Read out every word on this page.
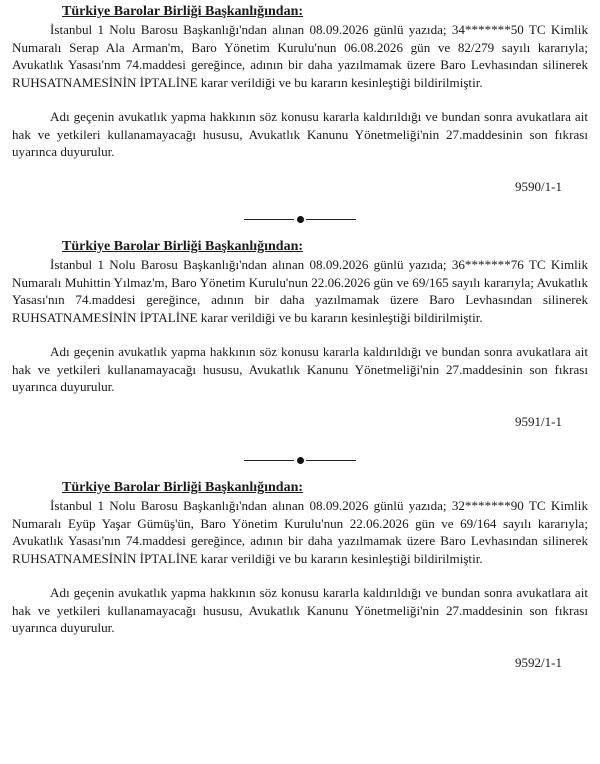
Türkiye Barolar Birliği Başkanlığından:

İstanbul 1 Nolu Barosu Başkanlığı'ndan alınan 08.09.2026 günlü yazıda; 34*******50 TC Kimlik Numaralı Serap Ala Arman'm, Baro Yönetim Kurulu'nun 06.08.2026 gün ve 82/279 sayılı kararıyla; Avukatlık Yasası'nm 74.maddesi gereğince, adının bir daha yazılmamak üzere Baro Levhasından silinerek RUHSATNAMESİNİN İPTALİNE karar verildiği ve bu kararın kesinleştiği bildirilmiştir.

Adı geçenin avukatlık yapma hakkının söz konusu kararla kaldırıldığı ve bundan sonra avukatlara ait hak ve yetkileri kullanamayacağı hususu, Avukatlık Kanunu Yönetmeliği'nin 27.maddesinin son fıkrası uyarınca duyurulur.

9590/1-1
Türkiye Barolar Birliği Başkanlığından:

İstanbul 1 Nolu Barosu Başkanlığı'ndan alınan 08.09.2026 günlü yazıda; 36*******76 TC Kimlik Numaralı Muhittin Yılmaz'm, Baro Yönetim Kurulu'nun 22.06.2026 gün ve 69/165 sayılı kararıyla; Avukatlık Yasası'nın 74.maddesi gereğince, adının bir daha yazılmamak üzere Baro Levhasından silinerek RUHSATNAMESİNİN İPTALİNE karar verildiği ve bu kararın kesinleştiği bildirilmiştir.

Adı geçenin avukatlık yapma hakkının söz konusu kararla kaldırıldığı ve bundan sonra avukatlara ait hak ve yetkileri kullanamayacağı hususu, Avukatlık Kanunu Yönetmeliği'nin 27.maddesinin son fıkrası uyarınca duyurulur.

9591/1-1
Türkiye Barolar Birliği Başkanlığından:

İstanbul 1 Nolu Barosu Başkanlığı'ndan alınan 08.09.2026 günlü yazıda; 32*******90 TC Kimlik Numaralı Eyüp Yaşar Gümüş'ün, Baro Yönetim Kurulu'nun 22.06.2026 gün ve 69/164 sayılı kararıyla; Avukatlık Yasası'nın 74.maddesi gereğince, adının bir daha yazılmamak üzere Baro Levhasından silinerek RUHSATNAMESİNİN İPTALİNE karar verildiği ve bu kararın kesinleştiği bildirilmiştir.

Adı geçenin avukatlık yapma hakkının söz konusu kararla kaldırıldığı ve bundan sonra avukatlara ait hak ve yetkileri kullanamayacağı hususu, Avukatlık Kanunu Yönetmeliği'nin 27.maddesinin son fıkrası uyarınca duyurulur.

9592/1-1
